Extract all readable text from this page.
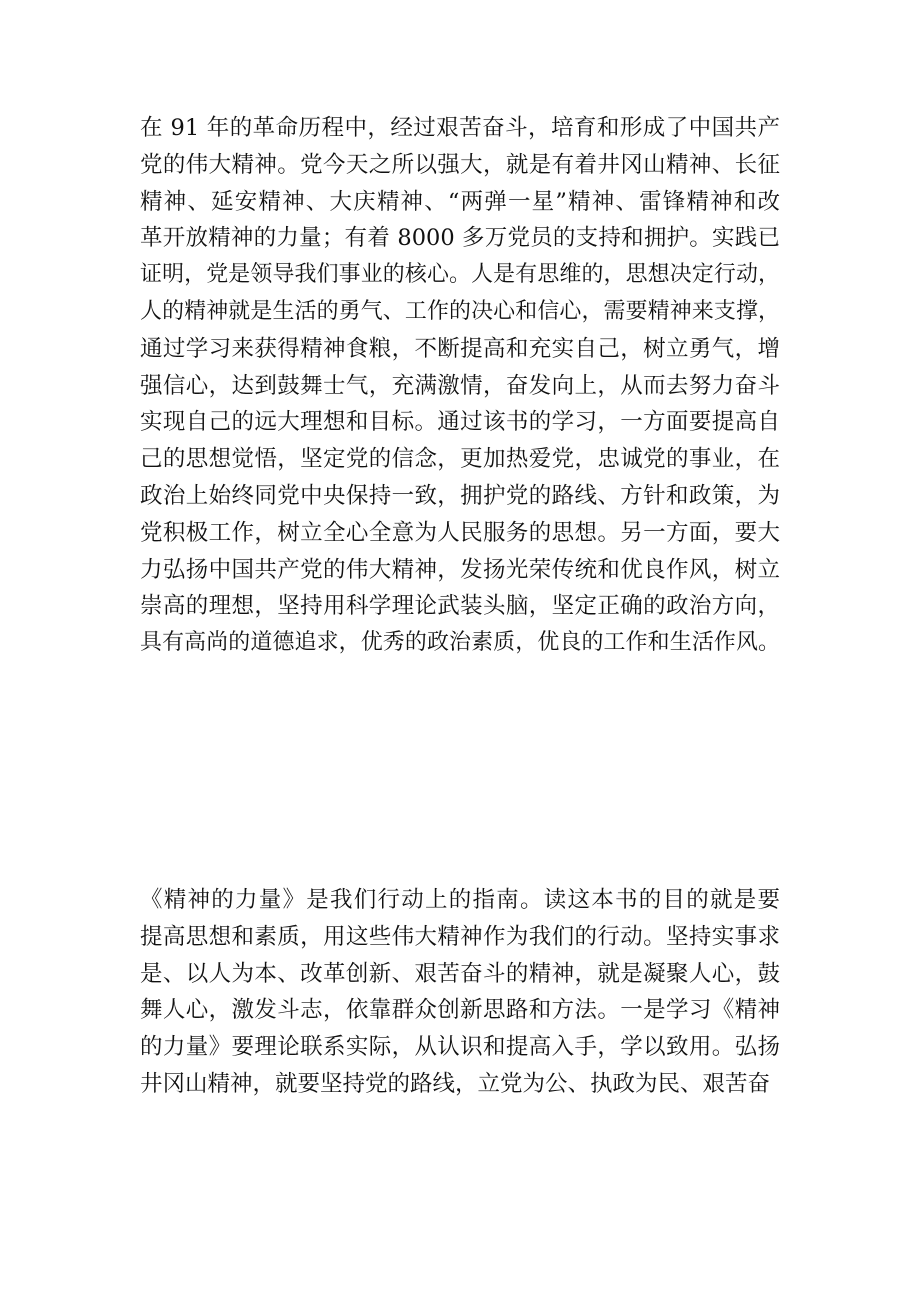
在 91 年的革命历程中，经过艰苦奋斗，培育和形成了中国共产
党的伟大精神。党今天之所以强大，就是有着井冈山精神、长征
精神、延安精神、大庆精神、“两弹一星”精神、雷锋精神和改
革开放精神的力量；有着 8000 多万党员的支持和拥护。实践已
证明，党是领导我们事业的核心。人是有思维的，思想决定行动，
人的精神就是生活的勇气、工作的决心和信心，需要精神来支撑，
通过学习来获得精神食粮，不断提高和充实自己，树立勇气，增
强信心，达到鼓舞士气，充满激情，奋发向上，从而去努力奋斗
实现自己的远大理想和目标。通过该书的学习，一方面要提高自
己的思想觉悟，坚定党的信念，更加热爱党，忠诚党的事业，在
政治上始终同党中央保持一致，拥护党的路线、方针和政策，为
党积极工作，树立全心全意为人民服务的思想。另一方面，要大
力弘扬中国共产党的伟大精神，发扬光荣传统和优良作风，树立
崇高的理想，坚持用科学理论武装头脑，坚定正确的政治方向，
具有高尚的道德追求，优秀的政治素质，优良的工作和生活作风。
《精神的力量》是我们行动上的指南。读这本书的目的就是要
提高思想和素质，用这些伟大精神作为我们的行动。坚持实事求
是、以人为本、改革创新、艰苦奋斗的精神，就是凝聚人心，鼓
舞人心，激发斗志，依靠群众创新思路和方法。一是学习《精神
的力量》要理论联系实际，从认识和提高入手，学以致用。弘扬
井冈山精神，就要坚持党的路线，立党为公、执政为民、艰苦奋
